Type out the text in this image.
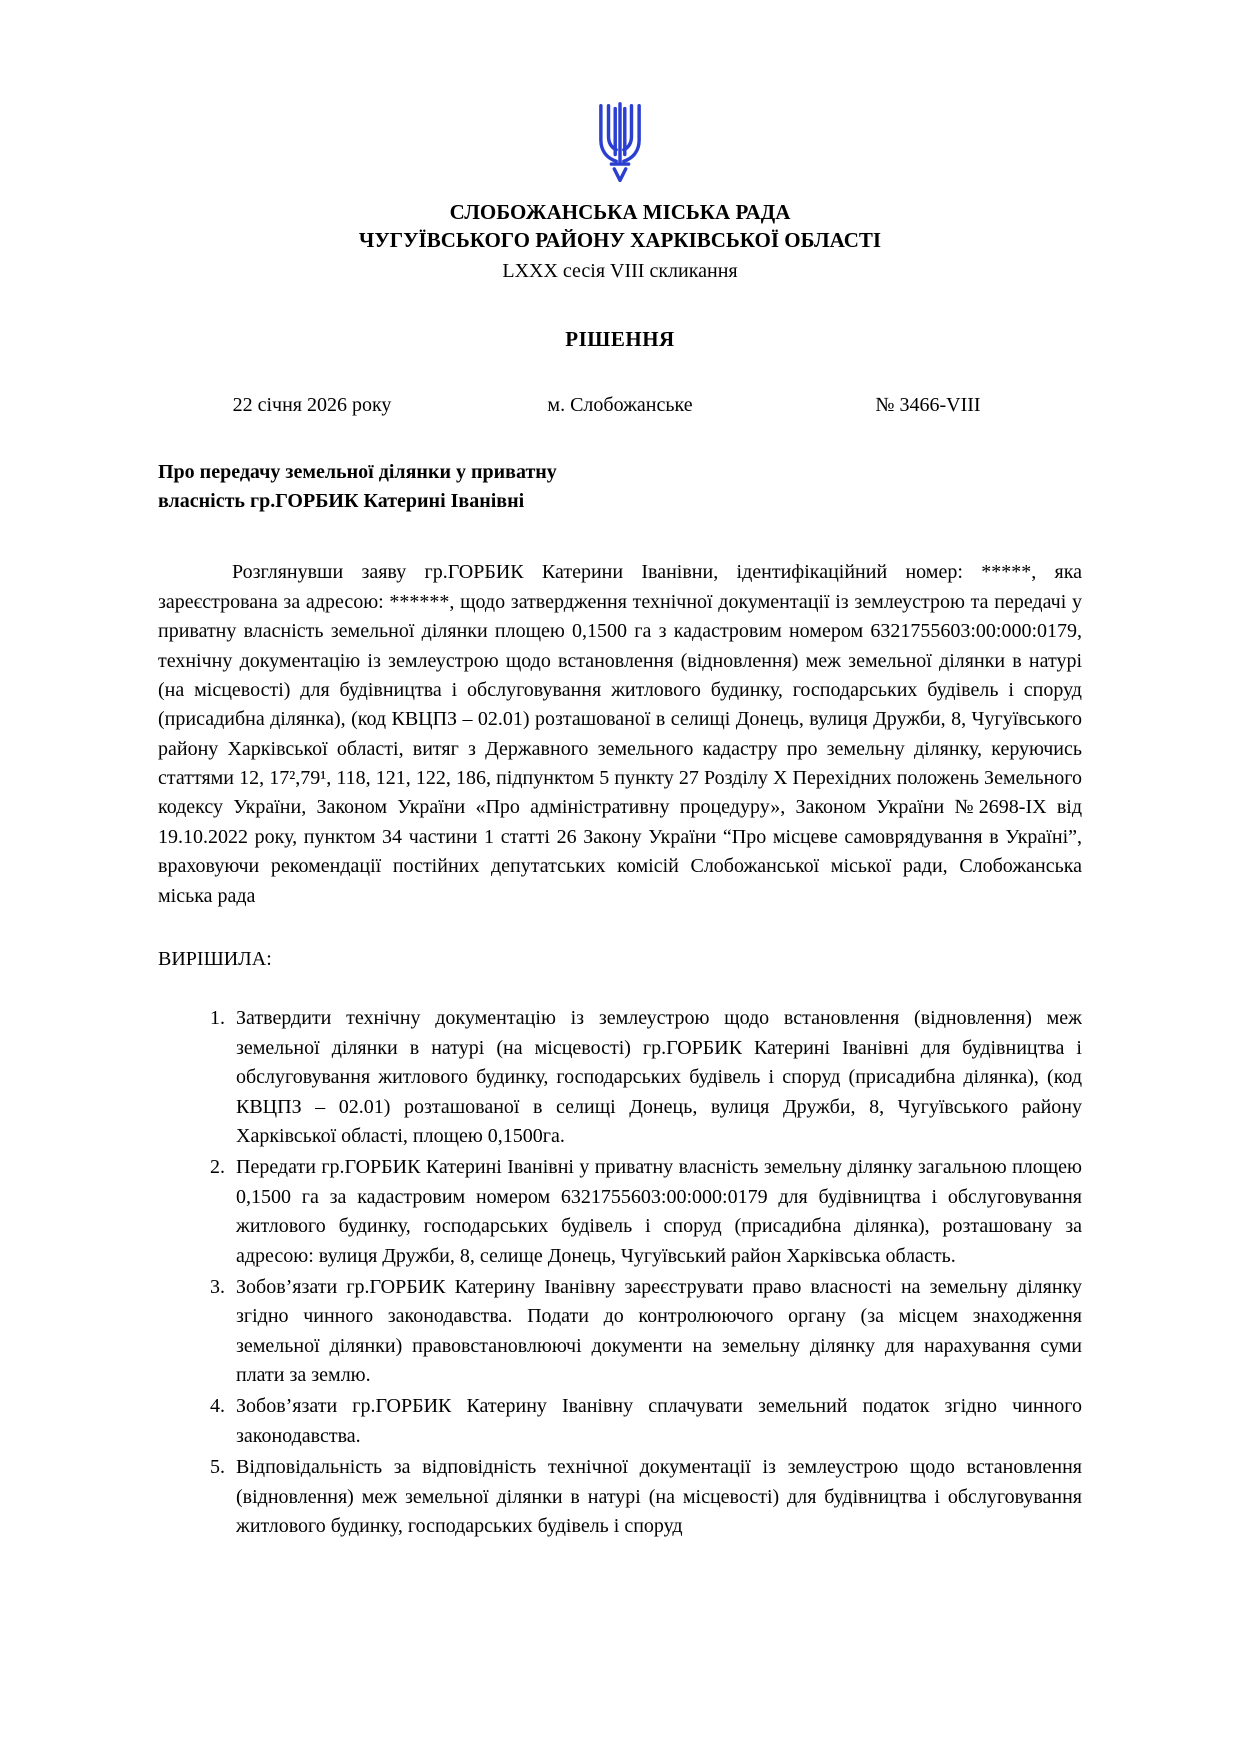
СЛОБОЖАНСЬКА МІСЬКА РАДА
ЧУГУЇВСЬКОГО РАЙОНУ ХАРКІВСЬКОЇ ОБЛАСТІ
LXXX сесія VIII скликання
РІШЕННЯ
22 січня 2026 року	м. Слобожанське	№ 3466-VIII
Про передачу земельної ділянки у приватну
власність гр.ГОРБИК Катерині Іванівні

Розглянувши заяву гр.ГОРБИК Катерини Іванівни, ідентифікаційний номер: *****, яка зареєстрована за адресою: ******, щодо затвердження технічної документації із землеустрою та передачі у приватну власність земельної ділянки площею 0,1500 га з кадастровим номером 6321755603:00:000:0179, технічну документацію із землеустрою щодо встановлення (відновлення) меж земельної ділянки в натурі (на місцевості) для будівництва і обслуговування житлового будинку, господарських будівель і споруд (присадибна ділянка), (код КВЦПЗ – 02.01) розташованої в селищі Донець, вулиця Дружби, 8, Чугуївського району Харківської області, витяг з Державного земельного кадастру про земельну ділянку, керуючись статтями 12, 17²,79¹, 118, 121, 122, 186, підпунктом 5 пункту 27 Розділу X Перехідних положень Земельного кодексу України, Законом України «Про адміністративну процедуру», Законом України №2698-IX від 19.10.2022 року, пунктом 34 частини 1 статті 26 Закону України “Про місцеве самоврядування в Україні”, враховуючи рекомендації постійних депутатських комісій Слобожанської міської ради, Слобожанська міська рада

ВИРІШИЛА:
1. Затвердити технічну документацію із землеустрою щодо встановлення (відновлення) меж земельної ділянки в натурі (на місцевості) гр.ГОРБИК Катерині Іванівні для будівництва і обслуговування житлового будинку, господарських будівель і споруд (присадибна ділянка), (код КВЦПЗ – 02.01) розташованої в селищі Донець, вулиця Дружби, 8, Чугуївського району Харківської області, площею 0,1500га.
2. Передати гр.ГОРБИК Катерині Іванівні у приватну власність земельну ділянку загальною площею 0,1500 га за кадастровим номером 6321755603:00:000:0179 для будівництва і обслуговування житлового будинку, господарських будівель і споруд (присадибна ділянка), розташовану за адресою: вулиця Дружби, 8, селище Донець, Чугуївський район Харківська область.
3. Зобов’язати гр.ГОРБИК Катерину Іванівну зареєструвати право власності на земельну ділянку згідно чинного законодавства. Подати до контролюючого органу (за місцем знаходження земельної ділянки) правовстановлюючі документи на земельну ділянку для нарахування суми плати за землю.
4. Зобов’язати гр.ГОРБИК Катерину Іванівну сплачувати земельний податок згідно чинного законодавства.
5. Відповідальність за відповідність технічної документації із землеустрою щодо встановлення (відновлення) меж земельної ділянки в натурі (на місцевості) для будівництва і обслуговування житлового будинку, господарських будівель і споруд
